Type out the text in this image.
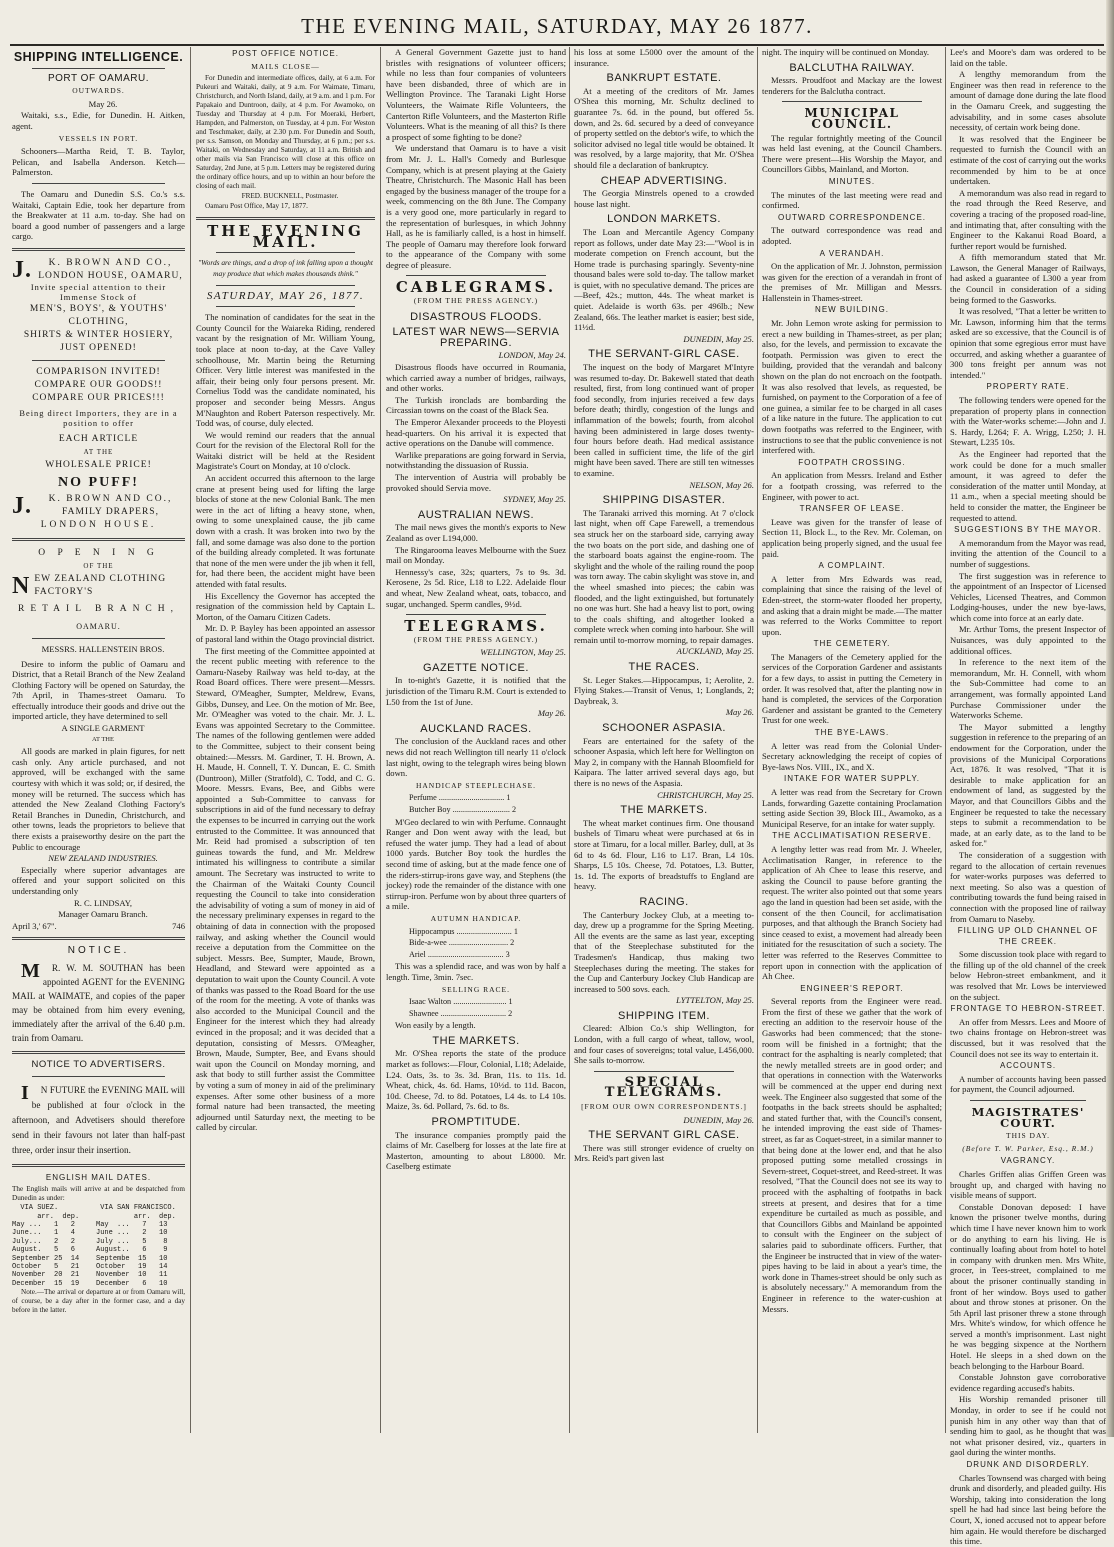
THE EVENING MAIL, SATURDAY, MAY 26 1877.
SHIPPING INTELLIGENCE.
PORT OF OAMARU.
OUTWARDS.

May 26.

Waitaki, s.s., Edie, for Dunedin. H. Aitken, agent.

VESSELS IN PORT.

Schooners—Martha Reid, T. B. Taylor, Pelican, and Isabella Anderson. Ketch—Palmerston.

The Oamaru and Dunedin S.S. Co.'s s.s. Waitaki, Captain Edie, took her departure from the Breakwater at 11 a.m. to-day. She had on board a good number of passengers and a large cargo.

J.	K. BROWN AND CO.,
LONDON HOUSE, OAMARU,
Invite special attention to their Immense Stock of
MEN'S, BOYS', & YOUTHS' CLOTHING,
SHIRTS & WINTER HOSIERY,
JUST OPENED!
COMPARISON INVITED!
COMPARE OUR GOODS!!
COMPARE OUR PRICES!!!
Being direct Importers, they are in a position to offer
EACH ARTICLE
AT THE
WHOLESALE PRICE!
NO PUFF!
J.	K. BROWN AND CO.,
FAMILY DRAPERS,
LONDON HOUSE.
O P E N I N G
OF THE
N EW ZEALAND CLOTHING FACTORY'S
RETAIL BRANCH,
OAMARU.

MESSRS. HALLENSTEIN BROS.

Desire to inform the public of Oamaru and District, that a Retail Branch of the New Zealand Clothing Factory will be opened on Saturday, the 7th April, in Thames-street Oamaru. To effectually introduce their goods and drive out the imported article, they have determined to sell

A SINGLE GARMENT

AT THE

All goods are marked in plain figures, for nett cash only. Any article purchased, and not approved, will be exchanged with the same courtesy with which it was sold; or, if desired, the money will be returned. The success which has attended the New Zealand Clothing Factory's Retail Branches in Dunedin, Christchurch, and other towns, leads the proprietors to believe that there exists a praiseworthy desire on the part the Public to encourage

NEW ZEALAND INDUSTRIES.

Especially where superior advantages are offered and your support solicited on this understanding only

R. C. LINDSAY,

Manager Oamaru Branch.

April 3,' 67".	746

NOTICE.

M R. W. M. SOUTHAN has been appointed AGENT for the EVENING MAIL at WAIMATE, and copies of the paper may be obtained from him every evening, immediately after the arrival of the 6.40 p.m. train from Oamaru.

NOTICE TO ADVERTISERS.

I N FUTURE the EVENING MAIL will be published at four o'clock in the afternoon, and Advetisers should therefore send in their favours not later than half-past three, order insur their insertion.

ENGLISH MAIL DATES.

The English mails will arrive at and be despatched from Dunedin as under:

VIA SUEZ.          VIA SAN FRANCISCO.
arr.  dep.             arr.  dep.
May ...   1   2     May  ...   7   13
June...   1   4     June ...   2   10
July...   2   2     July ...   5    8
August.   5   6     August..   6    9
September 25  14    Septembe  15   10
October   5   21    October   19   14
November  20  21    November  10   11
December  15  19    December   6   10

Note.—The arrival or departure at or from Oamaru will, of course, be a day after in the former case, and a day before in the latter.

POST OFFICE NOTICE.
MAILS CLOSE—

For Dunedin and intermediate offices, daily, at 6 a.m. For Pukeuri and Waitaki, daily, at 9 a.m. For Waimate, Timaru, Christchurch, and North Island, daily, at 9 a.m. and 1 p.m. For Papakaio and Duntroon, daily, at 4 p.m. For Awamoko, on Tuesday and Thursday at 4 p.m. For Moeraki, Herbert, Hampden, and Palmerston, on Tuesday, at 4 p.m. For Weston and Teschmaker, daily, at 2.30 p.m. For Dunedin and South, per s.s. Samson, on Monday and Thursday, at 6 p.m.; per s.s. Waitaki, on Wednesday and Saturday, at 11 a.m. British and other mails via San Francisco will close at this office on Saturday, 2nd June, at 5 p.m. Letters may be registered during the ordinary office hours, and up to within an hour before the closing of each mail.

FRED. BUCKNELL, Postmaster.

Oamaru Post Office, May 17, 1877.

THE EVENING MAIL.
"Words are things, and a drop of ink falling upon a thought may produce that which makes thousands think."
SATURDAY, MAY 26, 1877.

The nomination of candidates for the seat in the County Council for the Waiareka Riding, rendered vacant by the resignation of Mr. William Young, took place at noon to-day, at the Cave Valley schoolhouse, Mr. Martin being the Returning Officer. Very little interest was manifested in the affair, their being only four persons present. Mr. Cornelius Todd was the candidate nominated, his proposer and seconder being Messrs. Angus M'Naughton and Robert Paterson respectively. Mr. Todd was, of course, duly elected.

We would remind our readers that the annual Court for the revision of the Electoral Roll for the Waitaki district will be held at the Resident Magistrate's Court on Monday, at 10 o'clock.

An accident occurred this afternoon to the large crane at present being used for lifting the large blocks of stone at the new Colonial Bank. The men were in the act of lifting a heavy stone, when, owing to some unexplained cause, the jib came down with a crash. It was broken into two by the fall, and some damage was also done to the portion of the building already completed. It was fortunate that none of the men were under the jib when it fell, for, had there been, the accident might have been attended with fatal results.

His Excellency the Governor has accepted the resignation of the commission held by Captain L. Morton, of the Oamaru Citizen Cadets.

Mr. D. P. Bayley has been appointed an assessor of pastoral land within the Otago provincial district.

The first meeting of the Committee appointed at the recent public meeting with reference to the Oamaru-Naseby Railway was held to-day, at the Road Board offices. There were present—Messrs. Steward, O'Meagher, Sumpter, Meldrew, Evans, Gibbs, Dunsey, and Lee. On the motion of Mr. Bee, Mr. O'Meagher was voted to the chair. Mr. J. L. Evans was appointed Secretary to the Committee. The names of the following gentlemen were added to the Committee, subject to their consent being obtained:—Messrs. M. Gardiner, T. H. Brown, A. H. Maude, H. Connell, T. Y. Duncan, E. C. Smith (Duntroon), Miller (Stratfold), C. Todd, and C. G. Moore. Messrs. Evans, Bee, and Gibbs were appointed a Sub-Committee to canvass for subscriptions in aid of the fund necessary to defray the expenses to be incurred in carrying out the work entrusted to the Committee. It was announced that Mr. Reid had promised a subscription of ten guineas towards the fund, and Mr. Meldrew intimated his willingness to contribute a similar amount. The Secretary was instructed to write to the Chairman of the Waitaki County Council requesting the Council to take into consideration the advisability of voting a sum of money in aid of the necessary preliminary expenses in regard to the obtaining of data in connection with the proposed railway, and asking whether the Council would receive a deputation from the Committee on the subject. Messrs. Bee, Sumpter, Maude, Brown, Headland, and Steward were appointed as a deputation to wait upon the County Council. A vote of thanks was passed to the Road Board for the use of the room for the meeting. A vote of thanks was also accorded to the Municipal Council and the Engineer for the interest which they had already evinced in the proposal; and it was decided that a deputation, consisting of Messrs. O'Meagher, Brown, Maude, Sumpter, Bee, and Evans should wait upon the Council on Monday morning, and ask that body to still further assist the Committee by voting a sum of money in aid of the preliminary expenses. After some other business of a more formal nature had been transacted, the meeting adjourned until Saturday next, the meeting to be called by circular.

A General Government Gazette just to hand bristles with resignations of volunteer officers; while no less than four companies of volunteers have been disbanded, three of which are in Wellington Province. The Taranaki Light Horse Volunteers, the Waimate Rifle Volunteers, the Canterton Rifle Volunteers, and the Masterton Rifle Volunteers. What is the meaning of all this? Is there a prospect of some fighting to be done?

We understand that Oamaru is to have a visit from Mr. J. L. Hall's Comedy and Burlesque Company, which is at present playing at the Gaiety Theatre, Christchurch. The Masonic Hall has been engaged by the business manager of the troupe for a week, commencing on the 8th June. The Company is a very good one, more particularly in regard to the representation of burlesques, in which Johnny Hall, as he is familiarly called, is a host in himself. The people of Oamaru may therefore look forward to the appearance of the Company with some degree of pleasure.

CABLEGRAMS.
(FROM THE PRESS AGENCY.)
DISASTROUS FLOODS.
LATEST WAR NEWS—SERVIA PREPARING.

LONDON, May 24.

Disastrous floods have occurred in Roumania, which carried away a number of bridges, railways, and other works.

The Turkish ironclads are bombarding the Circassian towns on the coast of the Black Sea.

The Emperor Alexander proceeds to the Ployesti head-quarters. On his arrival it is expected that active operations on the Danube will commence.

Warlike preparations are going forward in Servia, notwithstanding the dissuasion of Russia.

The intervention of Austria will probably be provoked should Servia move.

SYDNEY, May 25.

AUSTRALIAN NEWS.

The mail news gives the month's exports to New Zealand as over L194,000.

The Ringarooma leaves Melbourne with the Suez mail on Monday.

Hennessy's case, 32s; quarters, 7s to 9s. 3d. Kerosene, 2s 5d. Rice, L18 to L22. Adelaide flour and wheat, New Zealand wheat, oats, tobacco, and sugar, unchanged. Sperm candles, 9½d.

TELEGRAMS.
(FROM THE PRESS AGENCY.)

WELLINGTON, May 25.

GAZETTE NOTICE.

In to-night's Gazette, it is notified that the jurisdiction of the Timaru R.M. Court is extended to L50 from the 1st of June.

May 26.

AUCKLAND RACES.

The conclusion of the Auckland races and other news did not reach Wellington till nearly 11 o'clock last night, owing to the telegraph wires being blown down.

HANDICAP STEEPLECHASE.

Perfume ................................ 1

Butcher Boy ............................ 2

M'Geo declared to win with Perfume. Connaught Ranger and Don went away with the lead, but refused the water jump. They had a lead of about 1000 yards. Butcher Boy took the hurdles the second time of asking, but at the made fence one of the riders-stirrup-irons gave way, and Stephens (the jockey) rode the remainder of the distance with one stirrup-iron. Perfume won by about three quarters of a mile.

AUTUMN HANDICAP.

Hippocampus ........................... 1

Bide-a-wee ............................. 2

Ariel ..................................... 3

This was a splendid race, and was won by half a length. Time, 3min. 7sec.

SELLING RACE.

Isaac Walton .......................... 1

Shawnee ................................ 2

Won easily by a length.

THE MARKETS.

Mr. O'Shea reports the state of the produce market as follows:—Flour, Colonial, L18; Adelaide, L24. Oats, 3s. to 3s. 3d. Bran, 11s. to 11s. 1d. Wheat, chick, 4s. 6d. Hams, 10½d. to 11d. Bacon, 10d. Cheese, 7d. to 8d. Potatoes, L4 4s. to L4 10s. Maize, 3s. 6d. Pollard, 7s. 6d. to 8s.

PROMPTITUDE.

The insurance companies promptly paid the claims of Mr. Caselberg for losses at the late fire at Masterton, amounting to about L8000. Mr. Caselberg estimate

his loss at some L5000 over the amount of the insurance.

BANKRUPT ESTATE.

At a meeting of the creditors of Mr. James O'Shea this morning, Mr. Schultz declined to guarantee 7s. 6d. in the pound, but offered 5s. down, and 2s. 6d. secured by a deed of conveyance of property settled on the debtor's wife, to which the solicitor advised no legal title would be obtained. It was resolved, by a large majority, that Mr. O'Shea should file a declaration of bankruptcy.

CHEAP ADVERTISING.

The Georgia Minstrels opened to a crowded house last night.

LONDON MARKETS.

The Loan and Mercantile Agency Company report as follows, under date May 23:—"Wool is in moderate competion on French account, but the Home trade is purchasing sparingly. Seventy-nine thousand bales were sold to-day. The tallow market is quiet, with no speculative demand. The prices are—Beef, 42s.; mutton, 44s. The wheat market is quiet. Adelaide is worth 63s. per 496lb.; New Zealand, 66s. The leather market is easier; best side, 11½d.

DUNEDIN, May 25.

THE SERVANT-GIRL CASE.

The inquest on the body of Margaret M'Intyre was resumed to-day. Dr. Bakewell stated that death resulted, first, from long continued want of proper food secondly, from injuries received a few days before death; thirdly, congestion of the lungs and inflammation of the bowels; fourth, from alcohol having been administered in large doses twenty-four hours before death. Had medical assistance been called in sufficient time, the life of the girl might have been saved. There are still ten witnesses to examine.

NELSON, May 26.

SHIPPING DISASTER.

The Taranaki arrived this morning. At 7 o'clock last night, when off Cape Farewell, a tremendous sea struck her on the starboard side, carrying away the two boats on the port side, and dashing one of the starboard boats against the engine-room. The skylight and the whole of the railing round the poop was torn away. The cabin skylight was stove in, and the wheel smashed into pieces; the cabin was flooded, and the light extinguished, but fortunately no one was hurt. She had a heavy list to port, owing to the coals shifting, and altogether looked a complete wreck when coming into harbour. She will remain until to-morrow morning, to repair damages.

AUCKLAND, May 25.

THE RACES.

St. Leger Stakes.—Hippocampus, 1; Aerolite, 2. Flying Stakes.—Transit of Venus, 1; Longlands, 2; Daybreak, 3.

May 26.

SCHOONER ASPASIA.

Fears are entertained for the safety of the schooner Aspasia, which left here for Wellington on May 2, in company with the Hannah Bloomfield for Kaipara. The latter arrived several days ago, but there is no news of the Aspasia.

CHRISTCHURCH, May 25.

THE MARKETS.

The wheat market continues firm. One thousand bushels of Timaru wheat were purchased at 6s in store at Timaru, for a local miller. Barley, dull, at 3s 6d to 4s 6d. Flour, L16 to L17. Bran, L4 10s. Sharps, L5 10s. Cheese, 7d. Potatoes, L3. Butter, 1s. 1d. The exports of breadstuffs to England are heavy.

RACING.

The Canterbury Jockey Club, at a meeting to-day, drew up a programme for the Spring Meeting. All the events are the same as last year, excepting that of the Steeplechase substituted for the Tradesmen's Handicap, thus making two Steeplechases during the meeting. The stakes for the Cup and Canterbury Jockey Club Handicap are increased to 500 sovs. each.

LYTTELTON, May 25.

SHIPPING ITEM.

Cleared: Albion Co.'s ship Wellington, for London, with a full cargo of wheat, tallow, wool, and four cases of sovereigns; total value, L456,000. She sails to-morrow.

SPECIAL TELEGRAMS.
[FROM OUR OWN CORRESPONDENTS.]

DUNEDIN, May 26.

THE SERVANT GIRL CASE.

There was still stronger evidence of cruelty on Mrs. Reid's part given last

night. The inquiry will be continued on Monday.

BALCLUTHA RAILWAY.

Messrs. Proudfoot and Mackay are the lowest tenderers for the Balclutha contract.

MUNICIPAL COUNCIL.

The regular fortnightly meeting of the Council was held last evening, at the Council Chambers. There were present—His Worship the Mayor, and Councillors Gibbs, Mainland, and Morton.

MINUTES.

The minutes of the last meeting were read and confirmed.

OUTWARD CORRESPONDENCE.

The outward correspondence was read and adopted.

A VERANDAH.

On the application of Mr. J. Johnston, permission was given for the erection of a verandah in front of the premises of Mr. Milligan and Messrs. Hallenstein in Thames-street.

NEW BUILDING.

Mr. John Lemon wrote asking for permission to erect a new building in Thames-street, as per plan; also, for the levels, and permission to excavate the footpath. Permission was given to erect the building, provided that the verandah and balcony shown on the plan do not encroach on the footpath. It was also resolved that levels, as requested, be furnished, on payment to the Corporation of a fee of one guinea, a similar fee to be charged in all cases of a like nature in the future. The application to cut down footpaths was referred to the Engineer, with instructions to see that the public convenience is not interfered with.

FOOTPATH CROSSING.

An application from Messrs. Ireland and Esther for a footpath crossing, was referred to the Engineer, with power to act.

TRANSFER OF LEASE.

Leave was given for the transfer of lease of Section 11, Block L., to the Rev. Mr. Coleman, on application being properly signed, and the usual fee paid.

A COMPLAINT.

A letter from Mrs Edwards was read, complaining that since the raising of the level of Eden-street, the storm-water flooded her property, and asking that a drain might be made.—The matter was referred to the Works Committee to report upon.

THE CEMETERY.

The Managers of the Cemetery applied for the services of the Corporation Gardener and assistants for a few days, to assist in putting the Cemetery in order. It was resolved that, after the planting now in hand is completed, the services of the Corporation Gardener and assistant be granted to the Cemetery Trust for one week.

THE BYE-LAWS.

A letter was read from the Colonial Under-Secretary acknowledging the receipt of copies of Bye-laws Nos. VIII., IX., and X.

INTAKE FOR WATER SUPPLY.

A letter was read from the Secretary for Crown Lands, forwarding Gazette containing Proclamation setting aside Section 39, Block III., Awamoko, as a Municipal Reserve, for an intake for water supply.

THE ACCLIMATISATION RESERVE.

A lengthy letter was read from Mr. J. Wheeler, Acclimatisation Ranger, in reference to the application of Ah Chee to lease this reserve, and asking the Council to pause before granting the request. The writer also pointed out that some years ago the land in question had been set aside, with the consent of the then Council, for acclimatisation purposes, and that although the Branch Society had since ceased to exist, a movement had already been initiated for the resuscitation of such a society. The letter was referred to the Reserves Committee to report upon in connection with the application of Ah Chee.

ENGINEER'S REPORT.

Several reports from the Engineer were read. From the first of these we gather that the work of erecting an addition to the reservoir house of the Gasworks had been commenced; that the stone-room will be finished in a fortnight; that the contract for the asphalting is nearly completed; that the newly metalled streets are in good order; and that operations in connection with the Waterworks will be commenced at the upper end during next week. The Engineer also suggested that some of the footpaths in the back streets should be asphalted; and stated further that, with the Council's consent, he intended improving the east side of Thames-street, as far as Coquet-street, in a similar manner to that being done at the lower end, and that he also proposed putting some metalled crossings in Severn-street, Coquet-street, and Reed-street. It was resolved, "That the Council does not see its way to proceed with the asphalting of footpaths in back streets at present, and desires that for a time expenditure be curtailed as much as possible, and that Councillors Gibbs and Mainland be appointed to consult with the Engineer on the subject of salaries paid to subordinate officers. Further, that the Engineer be instructed that in view of the water-pipes having to be laid in about a year's time, the work done in Thames-street should be only such as is absolutely necessary." A memorandum from the Engineer in reference to the water-cushion at Messrs.

Lee's and Moore's dam was ordered to be laid on the table.

A lengthy memorandum from the Engineer was then read in reference to the amount of damage done during the late flood in the Oamaru Creek, and suggesting the advisability, and in some cases absolute necessity, of certain work being done.

It was resolved that the Engineer be requested to furnish the Council with an estimate of the cost of carrying out the works recommended by him to be at once undertaken.

A memorandum was also read in regard to the road through the Reed Reserve, and covering a tracing of the proposed road-line, and intimating that, after consulting with the Engineer to the Kakanui Road Board, a further report would be furnished.

A fifth memorandum stated that Mr. Lawson, the General Manager of Railways, had asked a guarantee of L300 a year from the Council in consideration of a siding being formed to the Gasworks.

It was resolved, "That a letter be written to Mr. Lawson, informing him that the terms asked are so excessive, that the Council is of opinion that some egregious error must have occurred, and asking whether a guarantee of 300 tons freight per annum was not intended."

PROPERTY RATE.

The following tenders were opened for the preparation of property plans in connection with the Water-works scheme:—John and J. S. Hardy, L264; F. A. Wrigg, L250; J. H. Stewart, L235 10s.

As the Engineer had reported that the work could be done for a much smaller amount, it was agreed to defer the consideration of the matter until Monday, at 11 a.m., when a special meeting should be held to consider the matter, the Engineer be requested to attend.

SUGGESTIONS BY THE MAYOR.

A memorandum from the Mayor was read, inviting the attention of the Council to a number of suggestions.

The first suggestion was in reference to the appointment of an Inspector of Licensed Vehicles, Licensed Theatres, and Common Lodging-houses, under the new bye-laws, which come into force at an early date.

Mr. Arthur Toms, the present Inspector of Nuisances, was duly appointed to the additional offices.

In reference to the next item of the memorandum, Mr. H. Connell, with whom the Sub-Committee had come to an arrangement, was formally appointed Land Purchase Commissioner under the Waterworks Scheme.

The Mayor submitted a lengthy suggestion in reference to the preparing of an endowment for the Corporation, under the provisions of the Municipal Corporations Act, 1876. It was resolved, "That it is desirable to make application for an endowment of land, as suggested by the Mayor, and that Councillors Gibbs and the Engineer be requested to take the necessary steps to submit a recommendation to be made, at an early date, as to the land to be asked for."

The consideration of a suggestion with regard to the allocation of certain revenues for water-works purposes was deferred to next meeting. So also was a question of contributing towards the fund being raised in connection with the proposed line of railway from Oamaru to Naseby.

FILLING UP OLD CHANNEL OF THE CREEK.

Some discussion took place with regard to the filling up of the old channel of the creek below Hebron-street embankment, and it was resolved that Mr. Lows be interviewed on the subject.

FRONTAGE TO HEBRON-STREET.

An offer from Messrs. Lees and Moore of two chains frontage on Hebron-street was discussed, but it was resolved that the Council does not see its way to entertain it.

ACCOUNTS.

A number of accounts having been passed for payment, the Council adjourned.

MAGISTRATES' COURT.
THIS DAY.
(Before T. W. Parker, Esq., R.M.)
VAGRANCY.

Charles Griffen alias Griffen Green was brought up, and charged with having no visible means of support.

Constable Donovan deposed: I have known the prisoner twelve months, during which time I have never known him to work or do anything to earn his living. He is continually loafing about from hotel to hotel in company with drunken men. Mrs White, grocer, in Tees-street, complained to me about the prisoner continually standing in front of her window. Boys used to gather about and throw stones at prisoner. On the 5th April last prisoner threw a stone through Mrs. White's window, for which offence he served a month's imprisonment. Last night he was begging sixpence at the Northern Hotel. He sleeps in a shed down on the beach belonging to the Harbour Board.

Constable Johnston gave corroborative evidence regarding accused's habits.

His Worship remanded prisoner till Monday, in order to see if he could not punish him in any other way than that of sending him to gaol, as he thought that was not what prisoner desired, viz., quarters in gaol during the winter months.

DRUNK AND DISORDERLY.

Charles Townsend was charged with being drunk and disorderly, and pleaded guilty. His Worship, taking into consideration the long spell he had had since last being before the Court, X, ioned accused not to appear before him again. He would therefore be discharged this time.
